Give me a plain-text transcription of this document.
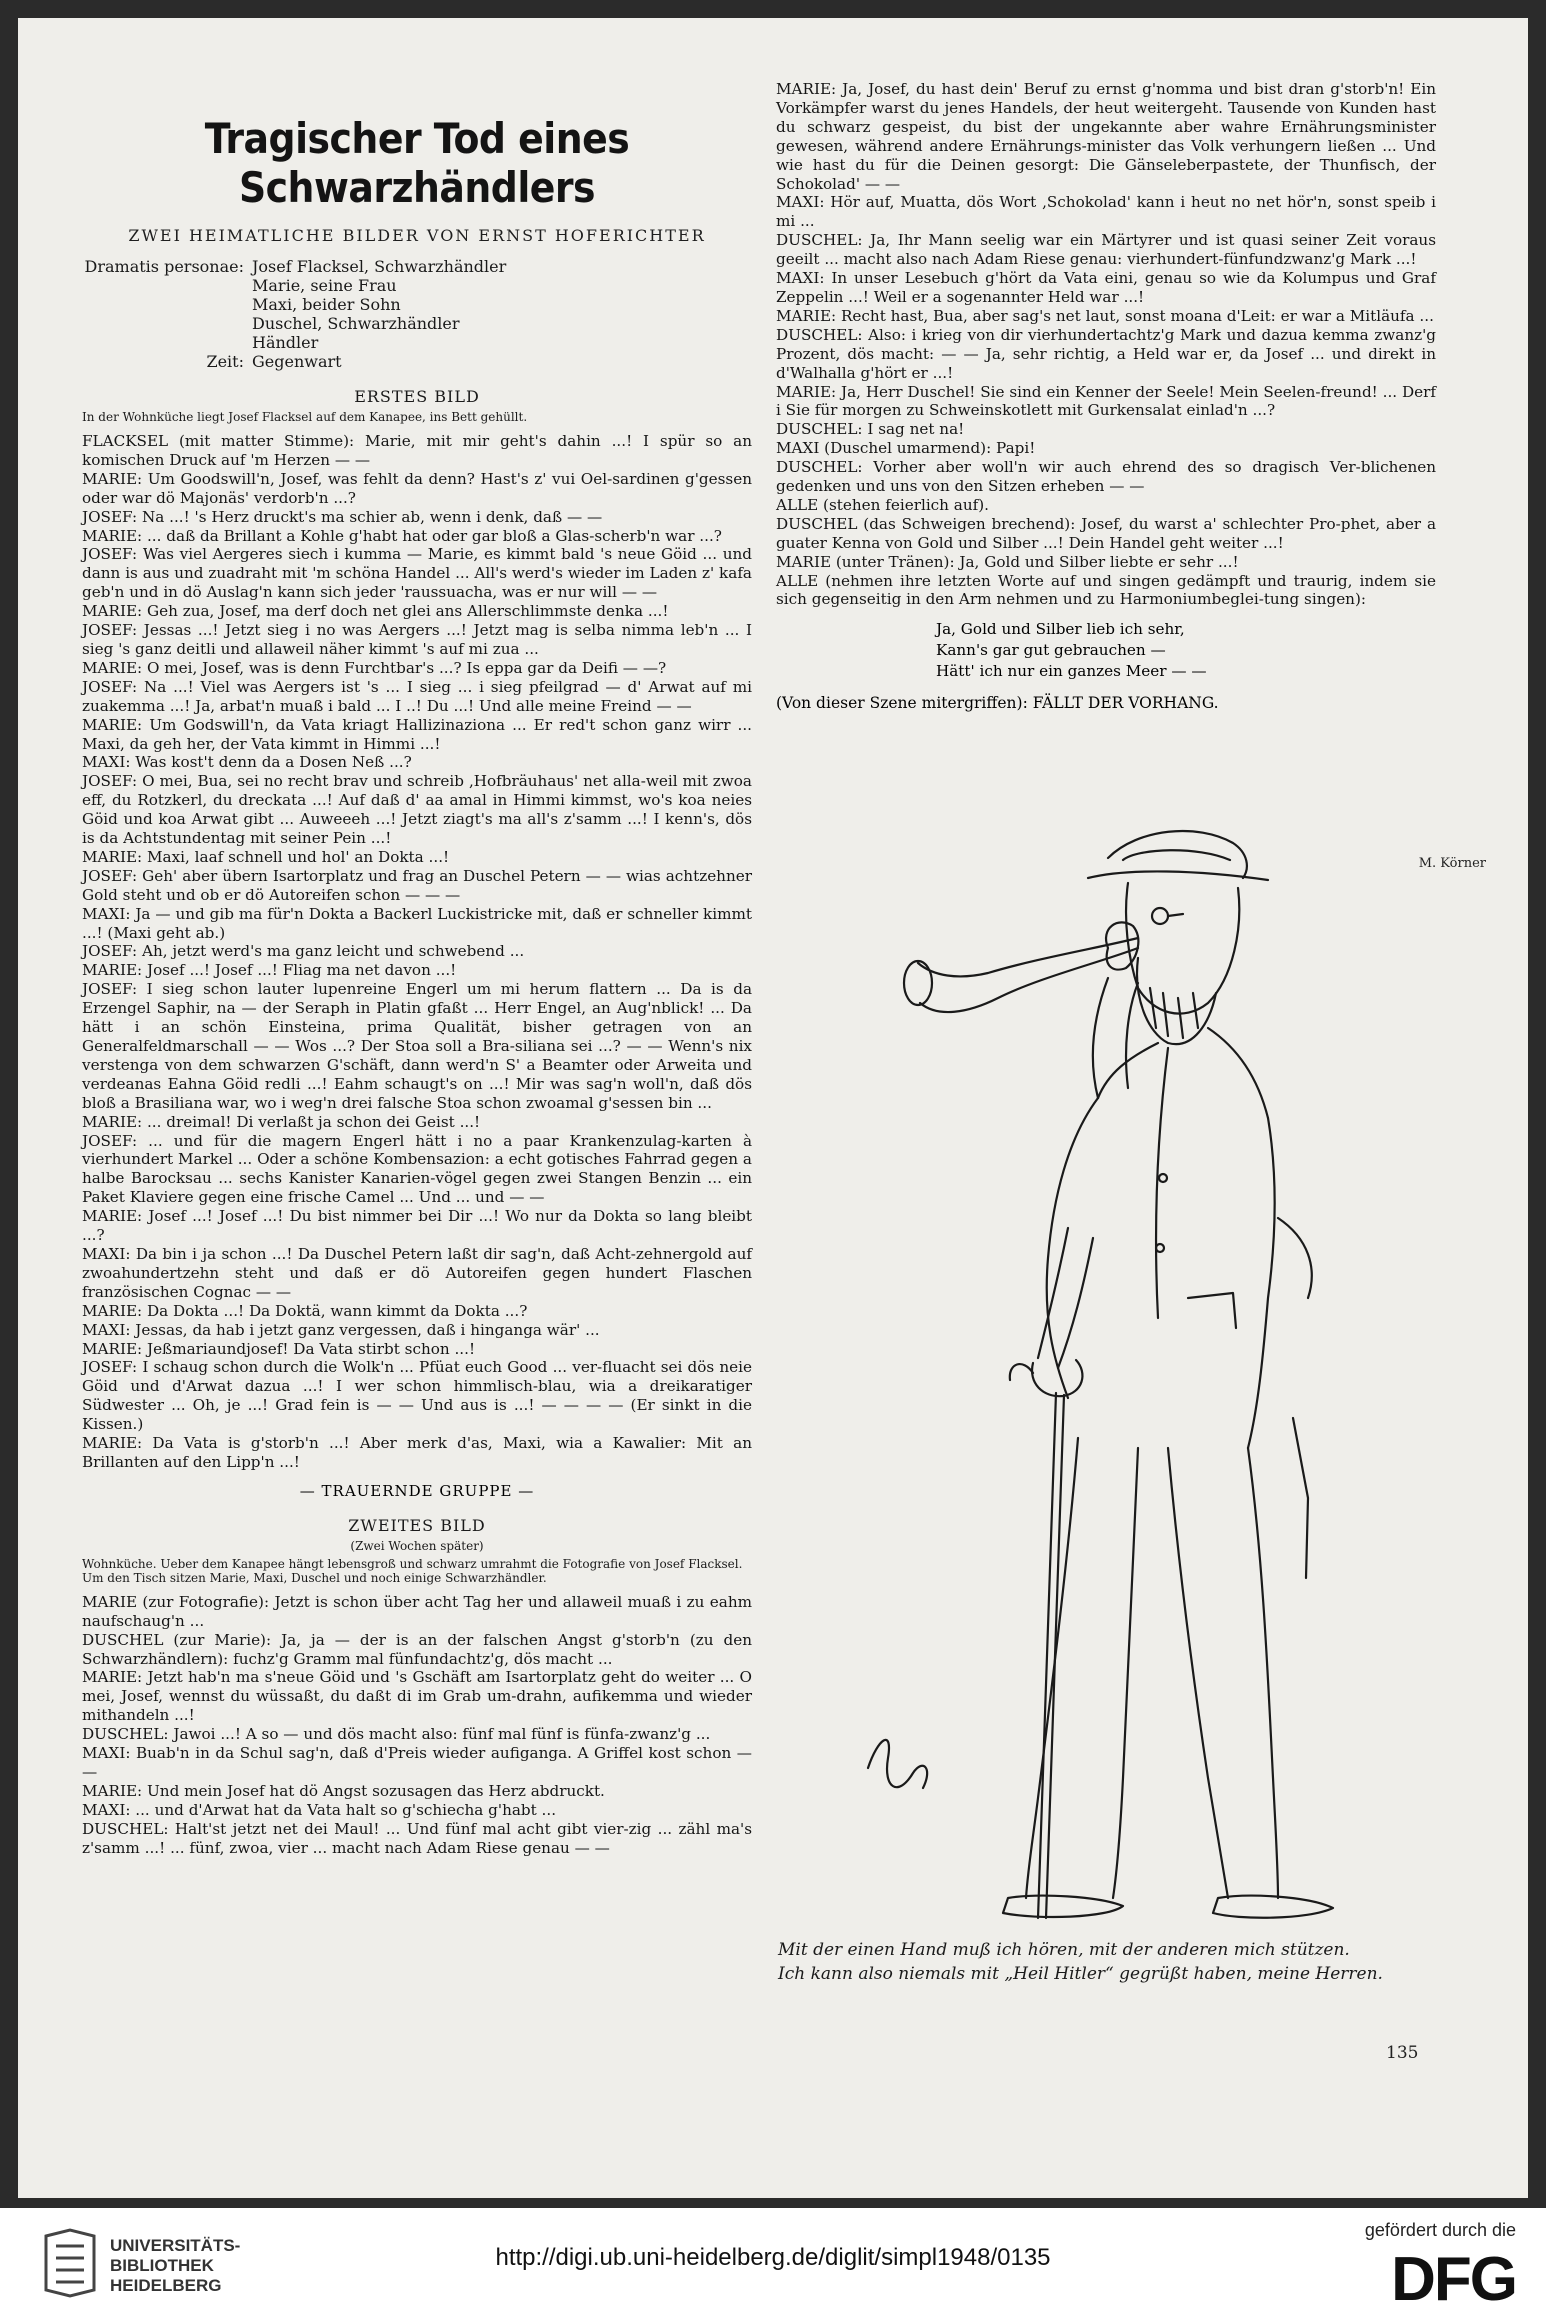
Tragischer Tod eines Schwarzhändlers
ZWEI HEIMATLICHE BILDER VON ERNST HOFERICHTER
Dramatis personae: Josef Flacksel, Schwarzhändler
Marie, seine Frau
Maxi, beider Sohn
Duschel, Schwarzhändler
Händler
Zeit: Gegenwart
ERSTES BILD
In der Wohnküche liegt Josef Flacksel auf dem Kanapee, ins Bett gehüllt.

FLACKSEL (mit matter Stimme): Marie, mit mir geht's dahin ...! I spür so an komischen Druck auf 'm Herzen — —

MARIE: Um Goodswill'n, Josef, was fehlt da denn? Hast's z' vui Oel-sardinen g'gessen oder war dö Majonäs' verdorb'n ...?

JOSEF: Na ...! 's Herz druckt's ma schier ab, wenn i denk, daß — —

MARIE: ... daß da Brillant a Kohle g'habt hat oder gar bloß a Glas-scherb'n war ...?

JOSEF: Was viel Aergeres siech i kumma — Marie, es kimmt bald 's neue Göid ... und dann is aus und zuadraht mit 'm schöna Handel ... All's werd's wieder im Laden z' kafa geb'n und in dö Auslag'n kann sich jeder 'raussuacha, was er nur will — —

MARIE: Geh zua, Josef, ma derf doch net glei ans Allerschlimmste denka ...!

JOSEF: Jessas ...! Jetzt sieg i no was Aergers ...! Jetzt mag is selba nimma leb'n ... I sieg 's ganz deitli und allaweil näher kimmt 's auf mi zua ...

MARIE: O mei, Josef, was is denn Furchtbar's ...? Is eppa gar da Deifi — —?

JOSEF: Na ...! Viel was Aergers ist 's ... I sieg ... i sieg pfeilgrad — d' Arwat auf mi zuakemma ...! Ja, arbat'n muaß i bald ... I ..! Du ...! Und alle meine Freind — —

MARIE: Um Godswill'n, da Vata kriagt Hallizinaziona ... Er red't schon ganz wirr ... Maxi, da geh her, der Vata kimmt in Himmi ...!

MAXI: Was kost't denn da a Dosen Neß ...?

JOSEF: O mei, Bua, sei no recht brav und schreib ‚Hofbräuhaus' net alla-weil mit zwoa eff, du Rotzkerl, du dreckata ...! Auf daß d' aa amal in Himmi kimmst, wo's koa neies Göid und koa Arwat gibt ... Auweeeh ...! Jetzt ziagt's ma all's z'samm ...! I kenn's, dös is da Achtstundentag mit seiner Pein ...!

MARIE: Maxi, laaf schnell und hol' an Dokta ...!

JOSEF: Geh' aber übern Isartorplatz und frag an Duschel Petern — — wias achtzehner Gold steht und ob er dö Autoreifen schon — — —

MAXI: Ja — und gib ma für'n Dokta a Backerl Luckistricke mit, daß er schneller kimmt ...! (Maxi geht ab.)

JOSEF: Ah, jetzt werd's ma ganz leicht und schwebend ...

MARIE: Josef ...! Josef ...! Fliag ma net davon ...!

JOSEF: I sieg schon lauter lupenreine Engerl um mi herum flattern ... Da is da Erzengel Saphir, na — der Seraph in Platin gfaßt ... Herr Engel, an Aug'nblick! ... Da hätt i an schön Einsteina, prima Qualität, bisher getragen von an Generalfeldmarschall — — Wos ...? Der Stoa soll a Bra-siliana sei ...? — — Wenn's nix verstenga von dem schwarzen G'schäft, dann werd'n S' a Beamter oder Arweita und verdeanas Eahna Göid redli ...! Eahm schaugt's on ...! Mir was sag'n woll'n, daß dös bloß a Brasiliana war, wo i weg'n drei falsche Stoa schon zwoamal g'sessen bin ...

MARIE: ... dreimal! Di verlaßt ja schon dei Geist ...!

JOSEF: ... und für die magern Engerl hätt i no a paar Krankenzulag-karten à vierhundert Markel ... Oder a schöne Kombensazion: a echt gotisches Fahrrad gegen a halbe Barocksau ... sechs Kanister Kanarien-vögel gegen zwei Stangen Benzin ... ein Paket Klaviere gegen eine frische Camel ... Und ... und — —

MARIE: Josef ...! Josef ...! Du bist nimmer bei Dir ...! Wo nur da Dokta so lang bleibt ...?

MAXI: Da bin i ja schon ...! Da Duschel Petern laßt dir sag'n, daß Acht-zehnergold auf zwoahundertzehn steht und daß er dö Autoreifen gegen hundert Flaschen französischen Cognac — —

MARIE: Da Dokta ...! Da Doktä, wann kimmt da Dokta ...?

MAXI: Jessas, da hab i jetzt ganz vergessen, daß i hinganga wär' ...

MARIE: Jeßmariaundjosef! Da Vata stirbt schon ...!

JOSEF: I schaug schon durch die Wolk'n ... Pfüat euch Good ... ver-fluacht sei dös neie Göid und d'Arwat dazua ...! I wer schon himmlisch-blau, wia a dreikaratiger Südwester ... Oh, je ...! Grad fein is — — Und aus is ...! — — — — (Er sinkt in die Kissen.)

MARIE: Da Vata is g'storb'n ...! Aber merk d'as, Maxi, wia a Kawalier: Mit an Brillanten auf den Lipp'n ...!

— TRAUERNDE GRUPPE —
ZWEITES BILD
(Zwei Wochen später)
Wohnküche. Ueber dem Kanapee hängt lebensgroß und schwarz umrahmt die Fotografie von Josef Flacksel. Um den Tisch sitzen Marie, Maxi, Duschel und noch einige Schwarzhändler.

MARIE (zur Fotografie): Jetzt is schon über acht Tag her und allaweil muaß i zu eahm naufschaug'n ...

DUSCHEL (zur Marie): Ja, ja — der is an der falschen Angst g'storb'n (zu den Schwarzhändlern): fuchz'g Gramm mal fünfundachtz'g, dös macht ...

MARIE: Jetzt hab'n ma s'neue Göid und 's Gschäft am Isartorplatz geht do weiter ... O mei, Josef, wennst du wüssaßt, du daßt di im Grab um-drahn, aufikemma und wieder mithandeln ...!

DUSCHEL: Jawoi ...! A so — und dös macht also: fünf mal fünf is fünfa-zwanz'g ...

MAXI: Buab'n in da Schul sag'n, daß d'Preis wieder aufiganga. A Griffel kost schon — —

MARIE: Und mein Josef hat dö Angst sozusagen das Herz abdruckt.

MAXI: ... und d'Arwat hat da Vata halt so g'schiecha g'habt ...

DUSCHEL: Halt'st jetzt net dei Maul! ... Und fünf mal acht gibt vier-zig ... zähl ma's z'samm ...! ... fünf, zwoa, vier ... macht nach Adam Riese genau — —

MARIE: Ja, Josef, du hast dein' Beruf zu ernst g'nomma und bist dran g'storb'n! Ein Vorkämpfer warst du jenes Handels, der heut weitergeht. Tausende von Kunden hast du schwarz gespeist, du bist der ungekannte aber wahre Ernährungsminister gewesen, während andere Ernährungs-minister das Volk verhungern ließen ... Und wie hast du für die Deinen gesorgt: Die Gänseleberpastete, der Thunfisch, der Schokolad' — —

MAXI: Hör auf, Muatta, dös Wort ‚Schokolad' kann i heut no net hör'n, sonst speib i mi ...

DUSCHEL: Ja, Ihr Mann seelig war ein Märtyrer und ist quasi seiner Zeit voraus geeilt ... macht also nach Adam Riese genau: vierhundert-fünfundzwanz'g Mark ...!

MAXI: In unser Lesebuch g'hört da Vata eini, genau so wie da Kolumpus und Graf Zeppelin ...! Weil er a sogenannter Held war ...!

MARIE: Recht hast, Bua, aber sag's net laut, sonst moana d'Leit: er war a Mitläufa ...

DUSCHEL: Also: i krieg von dir vierhundertachtz'g Mark und dazua kemma zwanz'g Prozent, dös macht: — — Ja, sehr richtig, a Held war er, da Josef ... und direkt in d'Walhalla g'hört er ...!

MARIE: Ja, Herr Duschel! Sie sind ein Kenner der Seele! Mein Seelen-freund! ... Derf i Sie für morgen zu Schweinskotlett mit Gurkensalat einlad'n ...?

DUSCHEL: I sag net na!

MAXI (Duschel umarmend): Papi!

DUSCHEL: Vorher aber woll'n wir auch ehrend des so dragisch Ver-blichenen gedenken und uns von den Sitzen erheben — —

ALLE (stehen feierlich auf).

DUSCHEL (das Schweigen brechend): Josef, du warst a' schlechter Pro-phet, aber a guater Kenna von Gold und Silber ...! Dein Handel geht weiter ...!

MARIE (unter Tränen): Ja, Gold und Silber liebte er sehr ...!

ALLE (nehmen ihre letzten Worte auf und singen gedämpft und traurig, indem sie sich gegenseitig in den Arm nehmen und zu Harmoniumbeglei-tung singen):

Ja, Gold und Silber lieb ich sehr,
Kann's gar gut gebrauchen —
Hätt' ich nur ein ganzes Meer — —
(Von dieser Szene mitergriffen): FÄLLT DER VORHANG.
M. Körner
Mit der einen Hand muß ich hören, mit der anderen mich stützen.
Ich kann also niemals mit „Heil Hitler“ gegrüßt haben, meine Herren.
135
UNIVERSITÄTS-
BIBLIOTHEK
HEIDELBERG
http://digi.ub.uni-heidelberg.de/diglit/simpl1948/0135
gefördert durch die
DFG
